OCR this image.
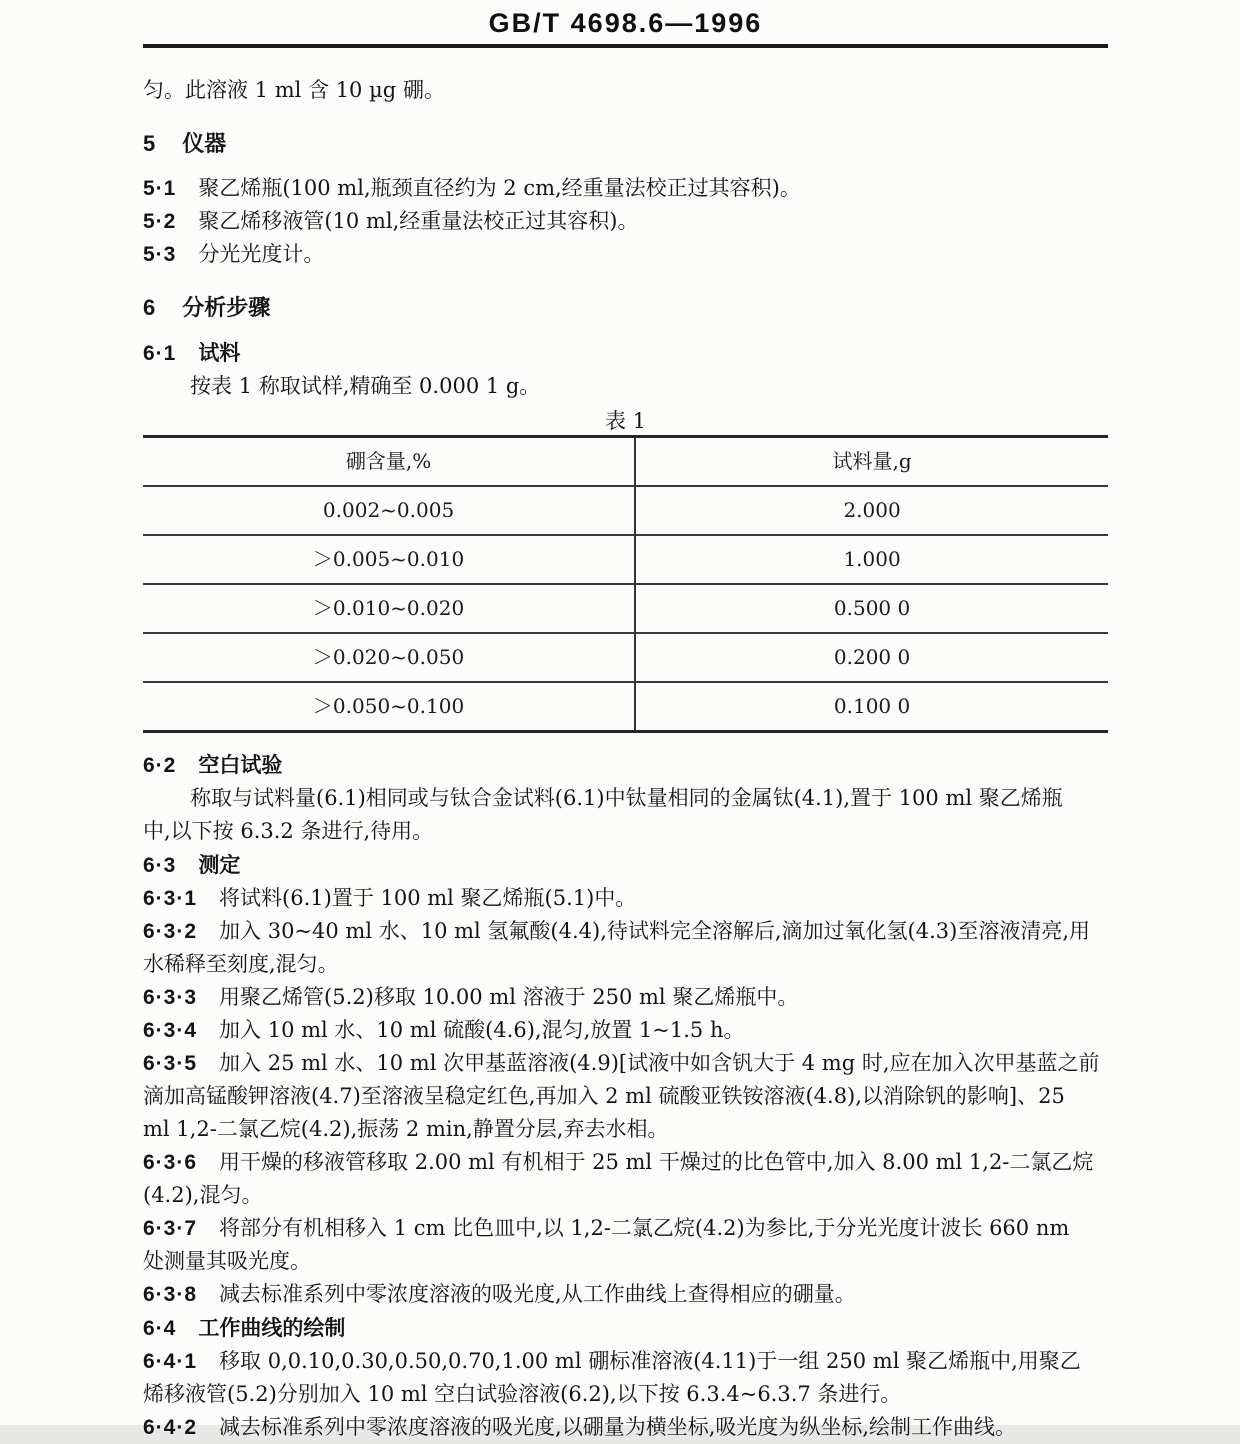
GB/T 4698.6—1996
匀。此溶液 1 ml 含 10 µg 硼。
5 仪器
5·1 聚乙烯瓶(100 ml,瓶颈直径约为 2 cm,经重量法校正过其容积)。
5·2 聚乙烯移液管(10 ml,经重量法校正过其容积)。
5·3 分光光度计。
6 分析步骤
6·1 试料
按表 1 称取试样,精确至 0.000 1 g。
表 1
硼含量,%	试料量,g
0.002~0.005	2.000
＞0.005~0.010	1.000
＞0.010~0.020	0.500 0
＞0.020~0.050	0.200 0
＞0.050~0.100	0.100 0
6·2 空白试验
称取与试料量(6.1)相同或与钛合金试料(6.1)中钛量相同的金属钛(4.1),置于 100 ml 聚乙烯瓶
中,以下按 6.3.2 条进行,待用。
6·3 测定
6·3·1 将试料(6.1)置于 100 ml 聚乙烯瓶(5.1)中。
6·3·2 加入 30~40 ml 水、10 ml 氢氟酸(4.4),待试料完全溶解后,滴加过氧化氢(4.3)至溶液清亮,用
水稀释至刻度,混匀。
6·3·3 用聚乙烯管(5.2)移取 10.00 ml 溶液于 250 ml 聚乙烯瓶中。
6·3·4 加入 10 ml 水、10 ml 硫酸(4.6),混匀,放置 1~1.5 h。
6·3·5 加入 25 ml 水、10 ml 次甲基蓝溶液(4.9)[试液中如含钒大于 4 mg 时,应在加入次甲基蓝之前
滴加高锰酸钾溶液(4.7)至溶液呈稳定红色,再加入 2 ml 硫酸亚铁铵溶液(4.8),以消除钒的影响]、25
ml 1,2-二氯乙烷(4.2),振荡 2 min,静置分层,弃去水相。
6·3·6 用干燥的移液管移取 2.00 ml 有机相于 25 ml 干燥过的比色管中,加入 8.00 ml 1,2-二氯乙烷
(4.2),混匀。
6·3·7 将部分有机相移入 1 cm 比色皿中,以 1,2-二氯乙烷(4.2)为参比,于分光光度计波长 660 nm
处测量其吸光度。
6·3·8 减去标准系列中零浓度溶液的吸光度,从工作曲线上查得相应的硼量。
6·4 工作曲线的绘制
6·4·1 移取 0,0.10,0.30,0.50,0.70,1.00 ml 硼标准溶液(4.11)于一组 250 ml 聚乙烯瓶中,用聚乙
烯移液管(5.2)分别加入 10 ml 空白试验溶液(6.2),以下按 6.3.4~6.3.7 条进行。
6·4·2 减去标准系列中零浓度溶液的吸光度,以硼量为横坐标,吸光度为纵坐标,绘制工作曲线。
